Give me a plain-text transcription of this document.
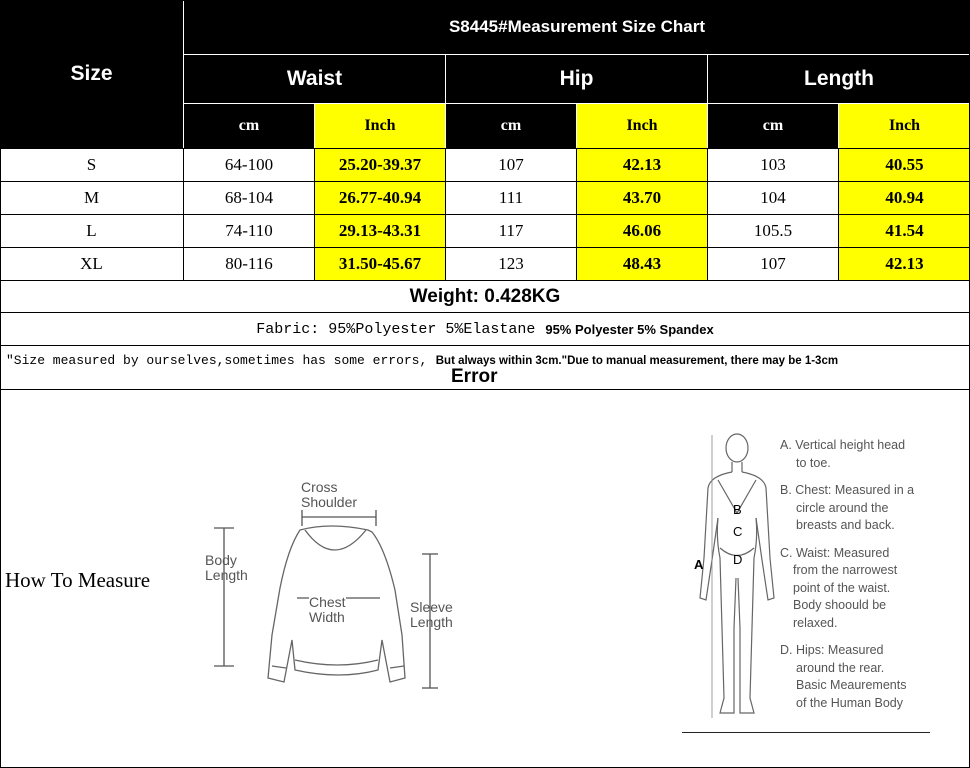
Size
S8445#Measurement Size Chart
Waist	Hip	Length
cm	Inch	cm	Inch	cm	Inch
S	64-100	25.20-39.37	107	42.13	103	40.55
M	68-104	26.77-40.94	111	43.70	104	40.94
L	74-110	29.13-43.31	117	46.06	105.5	41.54
XL	80-116	31.50-45.67	123	48.43	107	42.13
Weight: 0.428KG
Fabric: 95%Polyester 5%Elastane 95% Polyester 5% Spandex
"Size measured by ourselves,sometimes has some errors, But always within 3cm."Due to manual measurement, there may be 1-3cm
Error
How To Measure
Cross
Shoulder
Body
Length
Chest
Width
Sleeve
Length
A
B
C
D
A. Vertical height head
to toe.
B. Chest: Measured in a
circle around the
breasts and back.
C. Waist: Measured
from the narrowest
point of the waist.
Body shoould be
relaxed.
D. Hips: Measured
around the rear.
Basic Meaurements
of the Human Body
